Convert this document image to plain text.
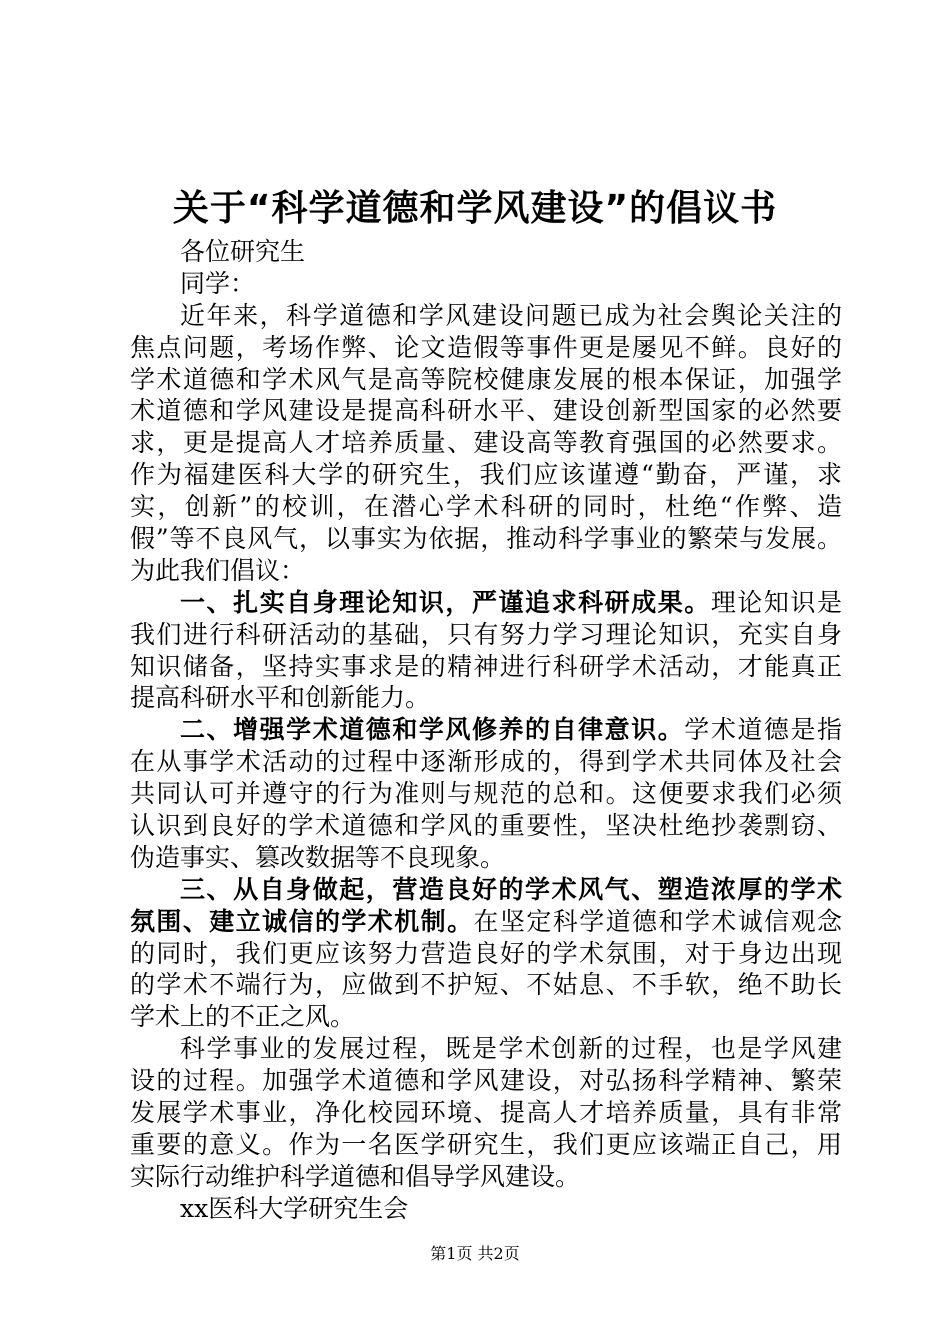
关于“科学道德和学风建设”的倡议书
各位研究生
同学：
近年来，科学道德和学风建设问题已成为社会舆论关注的
焦点问题，考场作弊、论文造假等事件更是屡见不鲜。良好的
学术道德和学术风气是高等院校健康发展的根本保证，加强学
术道德和学风建设是提高科研水平、建设创新型国家的必然要
求，更是提高人才培养质量、建设高等教育强国的必然要求。
作为福建医科大学的研究生，我们应该谨遵“勤奋，严谨，求
实，创新”的校训，在潜心学术科研的同时，杜绝“作弊、造
假”等不良风气，以事实为依据，推动科学事业的繁荣与发展。
为此我们倡议：
一、扎实自身理论知识，严谨追求科研成果。理论知识是
我们进行科研活动的基础，只有努力学习理论知识，充实自身
知识储备，坚持实事求是的精神进行科研学术活动，才能真正
提高科研水平和创新能力。
二、增强学术道德和学风修养的自律意识。学术道德是指
在从事学术活动的过程中逐渐形成的，得到学术共同体及社会
共同认可并遵守的行为准则与规范的总和。这便要求我们必须
认识到良好的学术道德和学风的重要性，坚决杜绝抄袭剽窃、
伪造事实、篡改数据等不良现象。
三、从自身做起，营造良好的学术风气、塑造浓厚的学术
氛围、建立诚信的学术机制。在坚定科学道德和学术诚信观念
的同时，我们更应该努力营造良好的学术氛围，对于身边出现
的学术不端行为，应做到不护短、不姑息、不手软，绝不助长
学术上的不正之风。
科学事业的发展过程，既是学术创新的过程，也是学风建
设的过程。加强学术道德和学风建设，对弘扬科学精神、繁荣
发展学术事业，净化校园环境、提高人才培养质量，具有非常
重要的意义。作为一名医学研究生，我们更应该端正自己，用
实际行动维护科学道德和倡导学风建设。
xx医科大学研究生会
第1页 共2页
